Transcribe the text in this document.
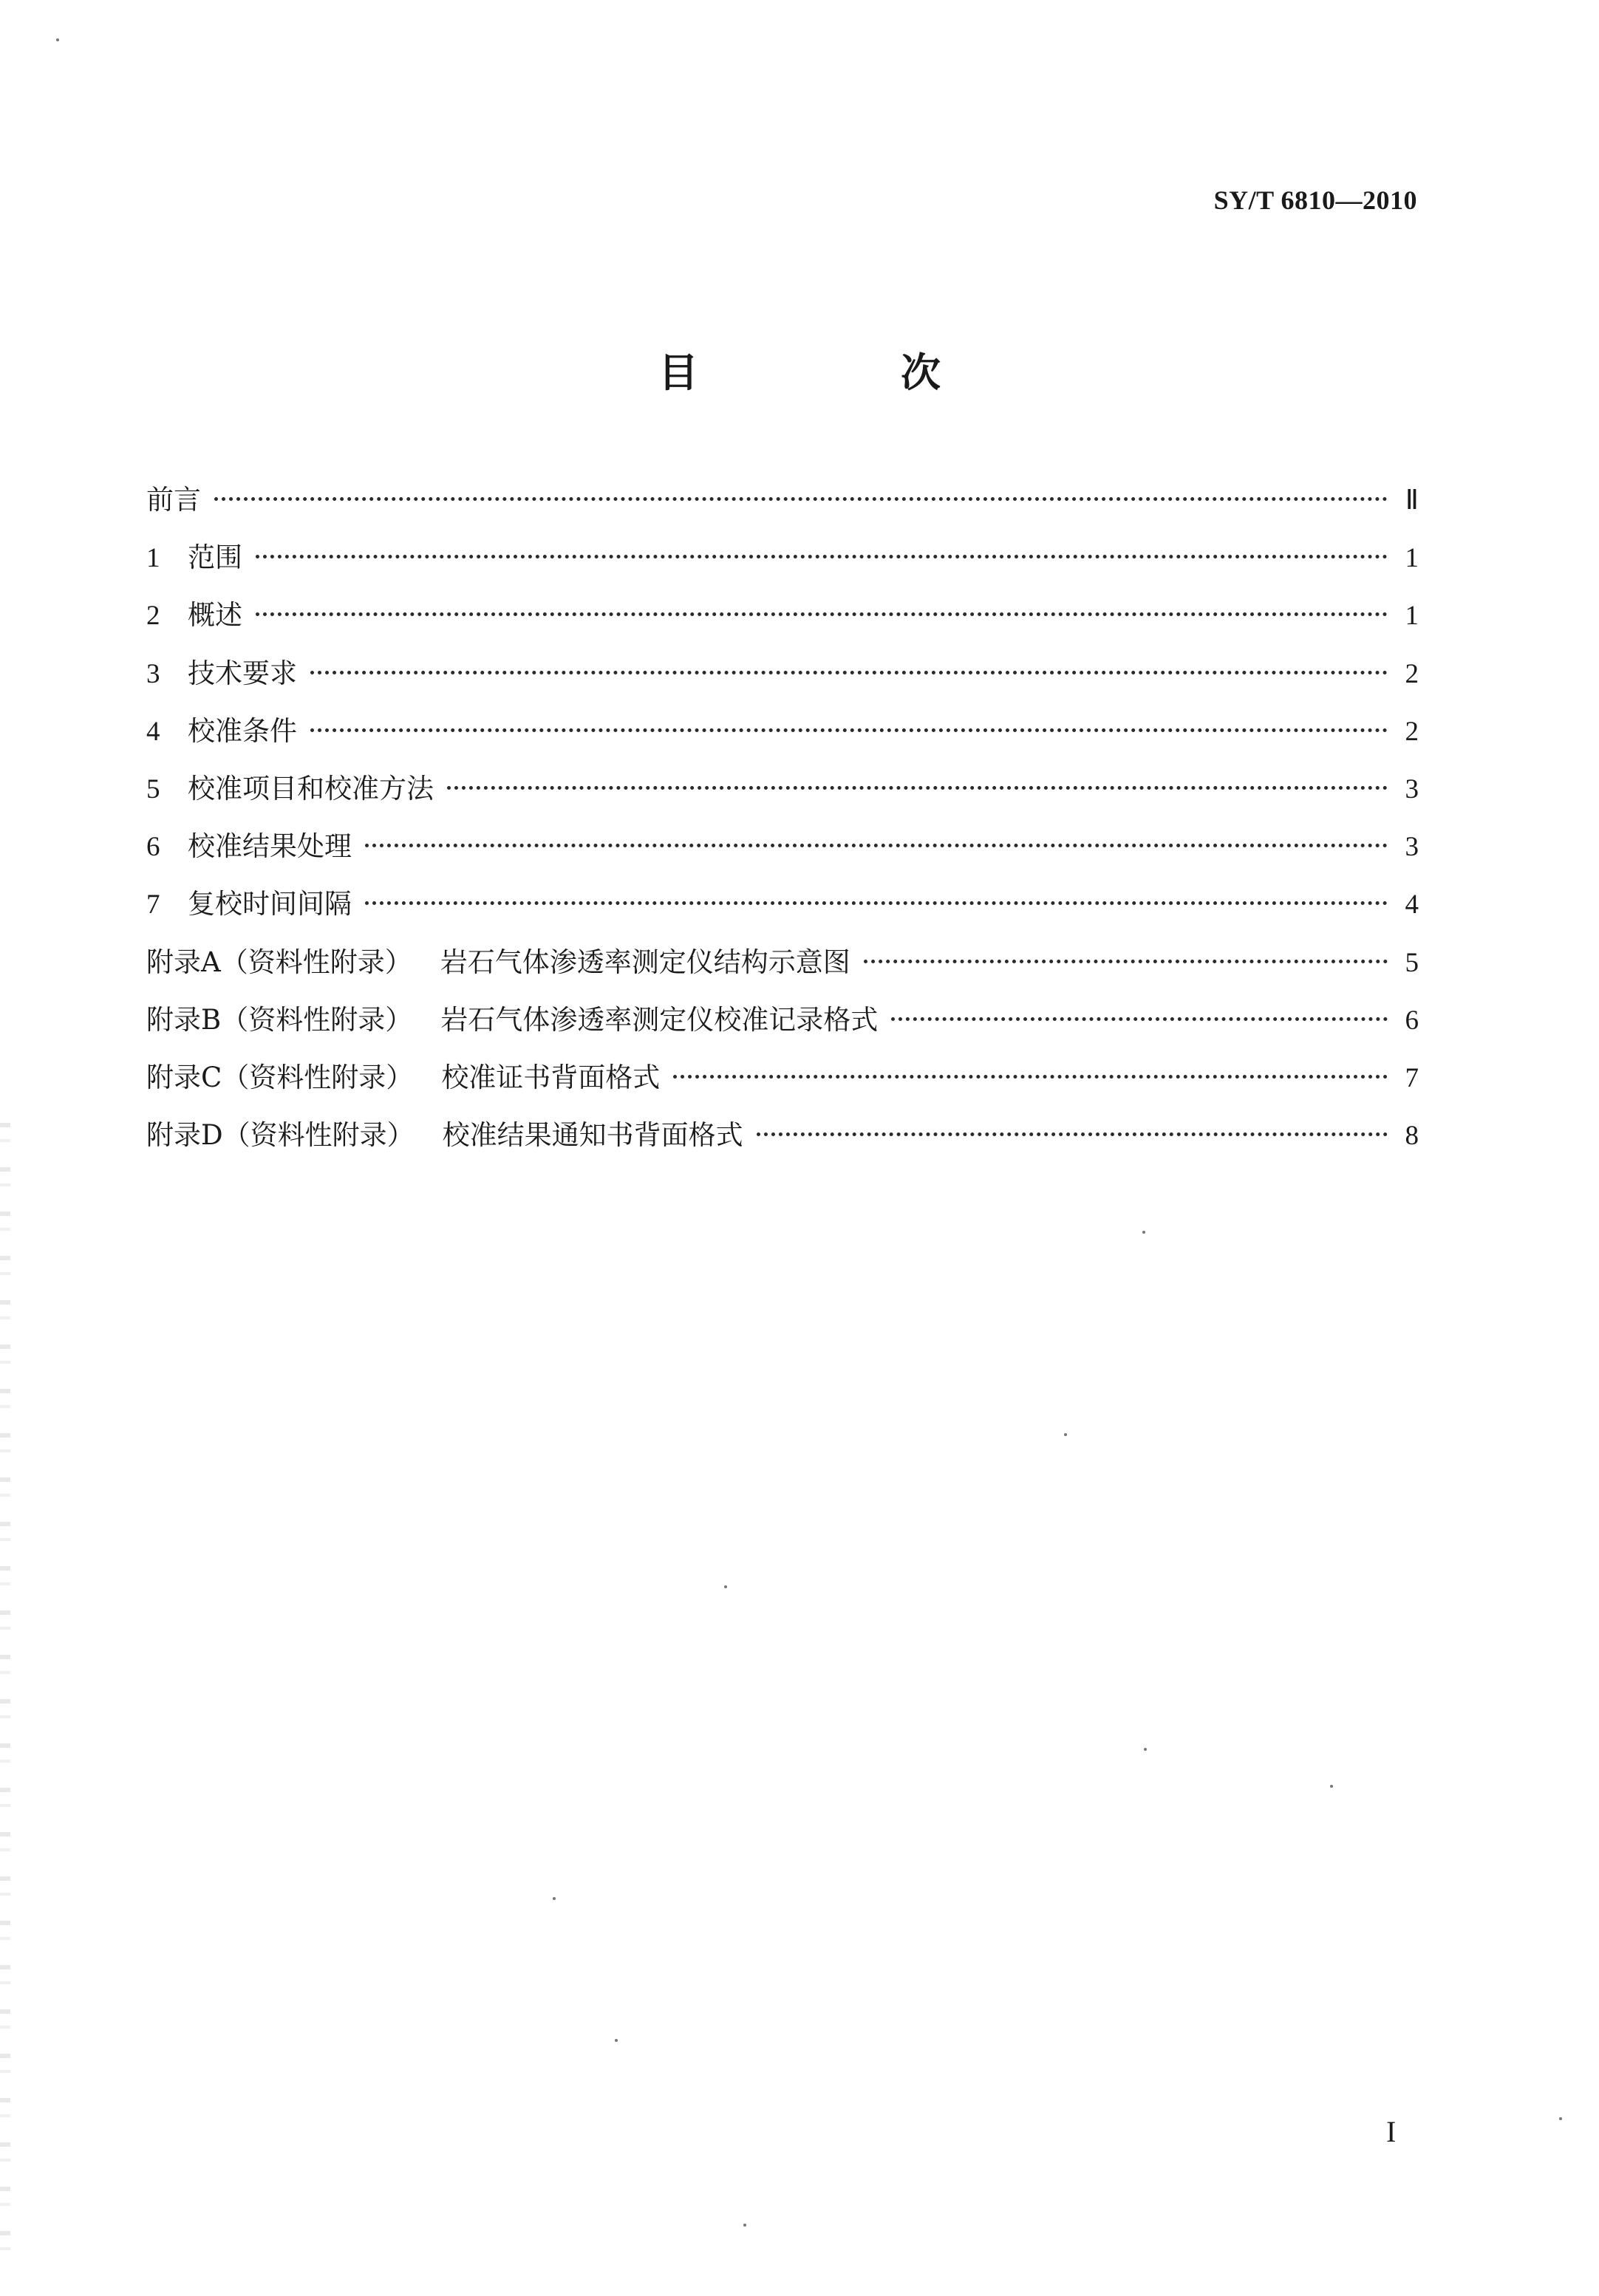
SY/T 6810—2010
目　次
前言	Ⅱ
1	范围	1
2	概述	1
3	技术要求	2
4	校准条件	2
5	校准项目和校准方法	3
6	校准结果处理	3
7	复校时间间隔	4
附录A（资料性附录） 岩石气体渗透率测定仪结构示意图	5
附录B（资料性附录） 岩石气体渗透率测定仪校准记录格式	6
附录C（资料性附录） 校准证书背面格式	7
附录D（资料性附录） 校准结果通知书背面格式	8
I
